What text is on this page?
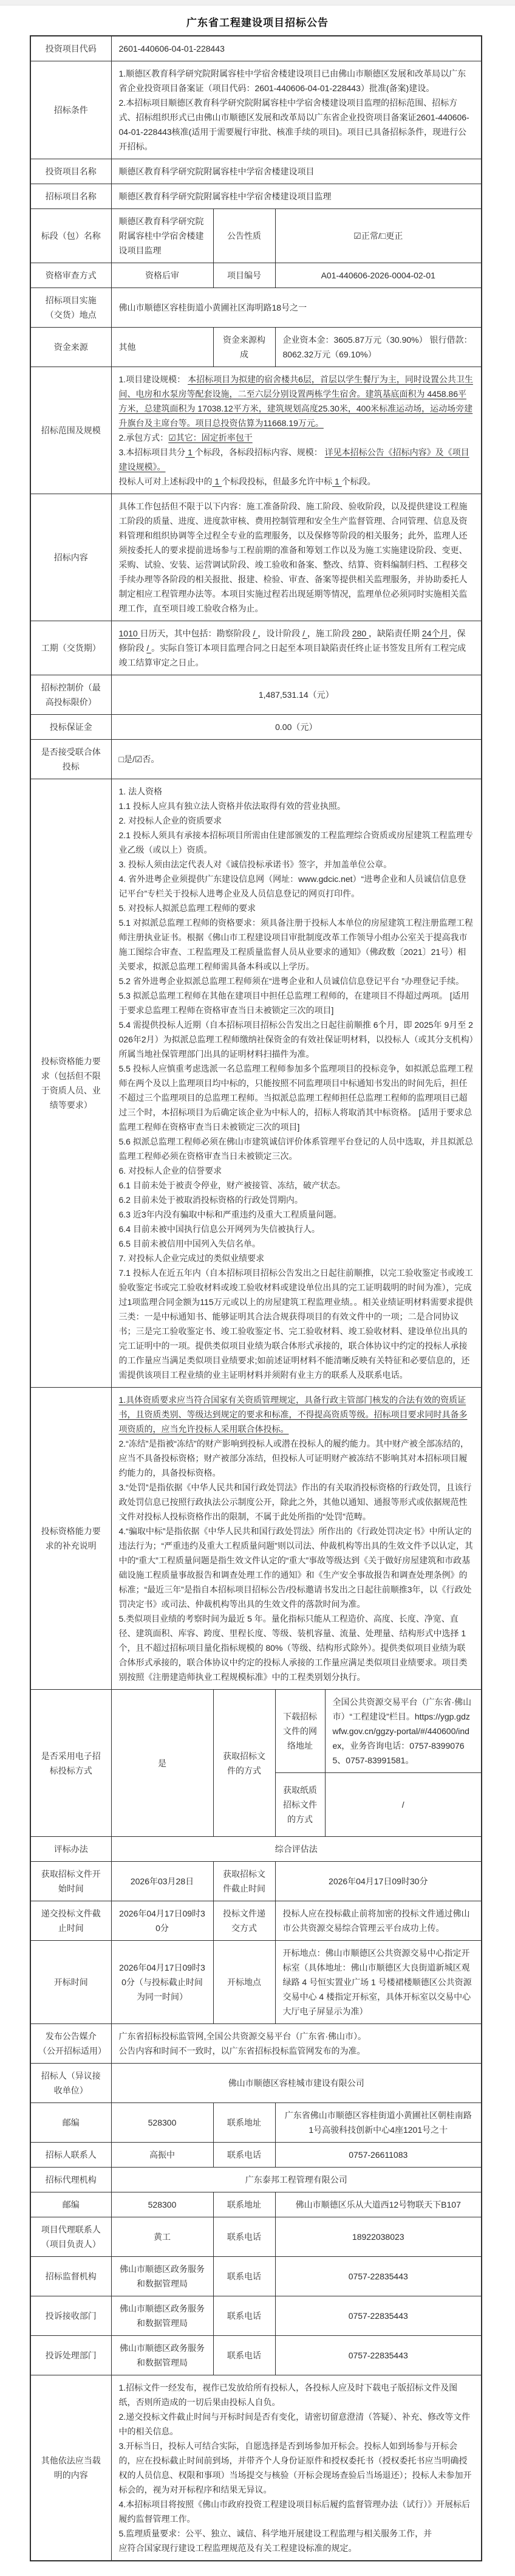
广东省工程建设项目招标公告
投资项目代码	2601-440606-04-01-228443			

招标条件	1.顺德区教育科学研究院附属容桂中学宿舍楼建设项目已由佛山市顺德区发展和改革局以广东省企业投资项目备案证（项目代码：2601-440606-04-01-228443）批准(备案)建设。
2.本招标项目顺德区教育科学研究院附属容桂中学宿舍楼建设项目监理的招标范围、招标方式、招标组织形式已由佛山市顺德区发展和改革局以广东省企业投资项目备案证2601-440606-04-01-228443核准(适用于需要履行审批、核准手续的项目)。项目已具备招标条件，现进行公开招标。			

投资项目名称	顺德区教育科学研究院附属容桂中学宿舍楼建设项目			

招标项目名称	顺德区教育科学研究院附属容桂中学宿舍楼建设项目监理			

标段（包）名称	顺德区教育科学研究院附属容桂中学宿舍楼建设项目监理	公告性质	☑正常/□更正	

资格审查方式	资格后审	项目编号	A01-440606-2026-0004-02-01	

招标项目实施（交货）地点	佛山市顺德区容桂街道小黄圃社区海明路18号之一			

资金来源	其他	资金来源构成	企业资本金：3605.87万元（30.90%） 银行借款：8062.32万元（69.10%）	

招标范围及规模	1.项目建设规模： 本招标项目为拟建的宿舍楼共6层，首层以学生餐厅为主，同时设置公共卫生间、电房和水泵房等配套设施，二至六层分别设置两栋学生宿舍。建筑基底面积为 4458.86平方米，总建筑面积为 17038.12平方米，建筑规划高度25.30米，400米标准运动场，运动场旁建升旗台及主席台等。项目总投资估算为11668.19万元。
2.承包方式：☑其它：固定折率包干
3.本招标项目共分 1 个标段，各标段招标内容、规模： 详见本招标公告《招标内容》及《项目建设规模》。
投标人可对上述标段中的 1 个标段投标，但最多允许中标 1 个标段。			

招标内容	具体工作包括但不限于以下内容：施工准备阶段、施工阶段、验收阶段，以及提供建设工程施工阶段的质量、进度、进度款审核、费用控制管理和安全生产监督管理、合同管理、信息及资料管理和组织协调等全过程全专业的监理服务，以及保修等阶段的相关服务；此外，监理人还须按委托人的要求提前进场参与工程前期的准备和筹划工作以及为施工实施建设阶段、变更、采购、试验、安装、运营调试阶段、竣工验收和备案、整改、结算、资料编制归档、工程移交手续办理等各阶段的相关报批、报建、检验、审查、备案等提供相关监理服务，并协助委托人制定相应工程管理办法等。本项目实施过程若出现延期等情况，监理单位必须同时实施相关监理工作，直至项目竣工验收合格为止。			

工期（交货期）	1010 日历天，其中包括：勘察阶段 / ，设计阶段 / ，施工阶段 280 ，缺陷责任期 24个月，保修阶段 / 。实际自签订本项目监理合同之日起至本项目缺陷责任终止证书签发且所有工程完成竣工结算审定之日止。			

招标控制价（最高投标限价）	1,487,531.14（元）			

投标保证金	0.00（元）			

是否接受联合体投标	□是/☑否。			

投标资格能力要求（包括但不限于资质人员、业绩等要求）	
1. 法人资格
1.1 投标人应具有独立法人资格并依法取得有效的营业执照。
2. 对投标人企业的资质要求
2.1 投标人须具有承接本招标项目所需由住建部颁发的工程监理综合资质或房屋建筑工程监理专业乙级（或以上）资质。
3. 投标人须由法定代表人对《诚信投标承诺书》签字，并加盖单位公章。
4. 省外进粤企业须提供广东建设信息网（网址：www.gdcic.net）“进粤企业和人员诚信信息登记平台”专栏关于投标人进粤企业及人员信息登记的网页打印件。
5. 对投标人拟派总监理工程师的要求
5.1 对拟派总监理工程师的资格要求：须具备注册于投标人本单位的房屋建筑工程注册监理工程师注册执业证书。根据《佛山市工程建设项目审批制度改革工作领导小组办公室关于提高我市施工图综合审查、工程监理及工程质量监督人员从业要求的通知》（佛政数〔2021〕21号）相关要求，拟派总监理工程师需具备本科或以上学历。
5.2 省外进粤企业拟派总监理工程师须在“进粤企业和人员诚信信息登记平台 ”办理登记手续。
5.3 拟派总监理工程师在其他在建项目中担任总监理工程师的，在建项目不得超过两项。 [适用于要求总监理工程师在资格审查当日未被锁定三次的项目]
5.4 需提供投标人近期（自本招标项目招标公告发出之日起往前顺推 6个月，即 2025年 9月至 2026年2月）为拟派总监理工程师缴纳社保资金的有效社保证明材料，以投标人（或其分支机构）所属当地社保管理部门出具的证明材料扫描件为准。
5.5 投标人应慎重考虑选派一名总监理工程师参加多个监理项目的投标竞争，如拟派总监理工程师在两个及以上监理项目均中标的，只能按照不同监理项目中标通知书发出的时间先后，担任不超过三个监理项目的总监理工程师。当拟派总监理工程师担任总监理工程师的监理项目已超过三个时，本招标项目为后确定该企业为中标人的，招标人将取消其中标资格。 [适用于要求总监理工程师在资格审查当日未被锁定三次的项目]
5.6 拟派总监理工程师必须在佛山市建筑诚信评价体系管理平台登记的人员中选取，并且拟派总监理工程师必须在资格审查当日未被锁定三次。
6. 对投标人企业的信誉要求
6.1 目前未处于被责令停业，财产被接管、冻结，破产状态。
6.2 目前未处于被取消投标资格的行政处罚期内。
6.3 近3年内没有骗取中标和严重违约及重大工程质量问题。
6.4 目前未被中国执行信息公开网列为失信被执行人。
6.5 目前未被信用中国列入失信名单。
7. 对投标人企业完成过的类似业绩要求
7.1 投标人在近五年内（自本招标项目招标公告发出之日起往前顺推，以完工验收鉴定书或竣工验收鉴定书或完工验收材料或竣工验收材料或建设单位出具的完工证明载明的时间为准），完成过1项监理合同金额为115万元或以上的房屋建筑工程监理业绩。。相关业绩证明材料需要求提供三类：一是中标通知书、能够证明其合法合规获得项目的有效文件中的一项；二是合同协议书；三是完工验收鉴定书、竣工验收鉴定书、完工验收材料、竣工验收材料、建设单位出具的完工证明中的一项。提供类似项目业绩为联合体形式承接的，联合体协议中约定的投标人承接的工作量应当满足类似项目业绩要求;如前述证明材料不能清晰反映有关特征和必要信息的，还需提供该项目工程业绩的业主证明材料并须附有业主方的联系人及联系电话。

投标资格能力要求的补充说明	1.具体资质要求应当符合国家有关资质管理规定，具备行政主管部门核发的合法有效的资质证书，且资质类别、等级达到规定的要求和标准，不得提高资质等级。招标项目要求同时具备多项资质的，应当允许投标人采用联合体投标。
2.“冻结”是指被“冻结”的财产影响到投标人或潜在投标人的履约能力。其中财产被全部冻结的，应当不具备投标资格；财产被部分冻结，但投标人可证明财产被冻结不影响其对本招标项目履约能力的，具备投标资格。
3.“处罚”是指依据《中华人民共和国行政处罚法》作出的有关取消投标资格的行政处罚，且该行政处罚信息已按照行政执法公示制度公开，除此之外，其他以通知、通报等形式或依据规范性文件对投标人投标资格作出的限制，不属于此处所指的“处罚”范畴。
4.“骗取中标”是指依据《中华人民共和国行政处罚法》所作出的《行政处罚决定书》中所认定的违法行为；“严重违约及重大工程质量问题”则以司法、仲裁机构等出具的生效文件予以认定，其中的“重大”工程质量问题是指生效文件认定的“重大”事故等级达到《关于做好房屋建筑和市政基础设施工程质量事故报告和调查处理工作的通知》和《生产安全事故报告和调查处理条例》的标准；“最近三年”是指自本招标项目招标公告/投标邀请书发出之日起往前顺推3年，以《行政处罚决定书》或司法、仲裁机构等出具的生效文件的落款时间为准。
5.类似项目业绩的考察时间为最近 5 年。量化指标只能从工程造价、高度、长度、净宽、直径、建筑面积、库容、跨度、里程长度、等级、装机容量、流量、处理量、结构形式中选择 1 个，且不超过招标项目量化指标规模的 80%（等级、结构形式除外）。提供类似项目业绩为联合体形式承接的，联合体协议中约定的投标人承接的工作量应满足类似项目业绩要求。项目类别按照《注册建造师执业工程规模标准》中的工程类别划分执行。			

是否采用电子招标投标方式	是	获取招标文件的方式	下载招标文件的网络地址	全国公共资源交易平台（广东省·佛山市）“工程建设”栏目。https://ygp.gdzwfw.gov.cn/ggzy-portal/#/440600/index，业务咨询电话：0757-83990765、0757-83991581。

			获取纸质招标文件的方式	/

评标办法	综合评估法			

获取招标文件开始时间	2026年03月28日	获取招标文件截止时间	2026年04月17日09时30分	

递交投标文件截止时间	2026年04月17日09时30分	投标文件递交方式	投标人应在投标截止前将加密的投标文件通过佛山市公共资源交易综合管理云平台成功上传。	

开标时间	2026年04月17日09时30分（与投标截止时间为同一时间）	开标地点	开标地点：佛山市顺德区公共资源交易中心指定开标室（具体地址：佛山市顺德区大良街道新城区观绿路 4 号恒实置业广场 1 号楼裙楼顺德区公共资源交易中心 4 楼指定开标室，具体开标室以交易中心大厅电子屏显示为准）	

发布公告媒介（公开招标适用）	广东省招标投标监管网,全国公共资源交易平台（广东省·佛山市）。
公告内容和时间不一致时，以广东省招标投标监管网发布的为准。			

招标人（异议接收单位）	佛山市顺德区容桂城市建设有限公司			

邮编	528300	联系地址	广东省佛山市顺德区容桂街道小黄圃社区朝桂南路1号高骏科技创新中心4座1201号之十	

招标人联系人	高振中	联系电话	0757-26611083	

招标代理机构	广东泰邦工程管理有限公司			

邮编	528300	联系地址	佛山市顺德区乐从大道西12号物联天下B107	

项目代理联系人（项目负责人）	黄工	联系电话	18922038023	

招标监督机构	佛山市顺德区政务服务和数据管理局	联系电话	0757-22835443	

投诉接收部门	佛山市顺德区政务服务和数据管理局	联系电话	0757-22835443	

投诉处理部门	佛山市顺德区政务服务和数据管理局	联系电话	0757-22835443	

其他依法应当载明的内容	
1.招标文件一经发布，视作已发放给所有投标人，各投标人应及时下载电子版招标文件及图纸，否则所造成的一切后果由投标人自负。
2.递交投标文件截止时间与开标时间是否有变化，请密切留意澄清（答疑）、补充、修改等文件中的相关信息。
3.开标当日，投标人可结合实际，自愿选择是否到场参加开标会。投标人如到场参与开标会的，应在投标截止时间前到场，并带齐个人身份证原件和授权委托书（授权委托书应当明确授权的人员信息、权限和事项）当场提交与核验（开标会现场查验后当场退还）；投标人未参加开标会的，视为对开标程序和结果无异议。
4.本招标项目将按照《佛山市政府投资工程建设项目标后履约监督管理办法（试行）》开展标后履约监督管理工作。
5.监理质量要求：公平、独立、诚信、科学地开展建设工程监理与相关服务工作，并
应符合国家现行建设工程监理规范及有关工程建设标准的规定。
